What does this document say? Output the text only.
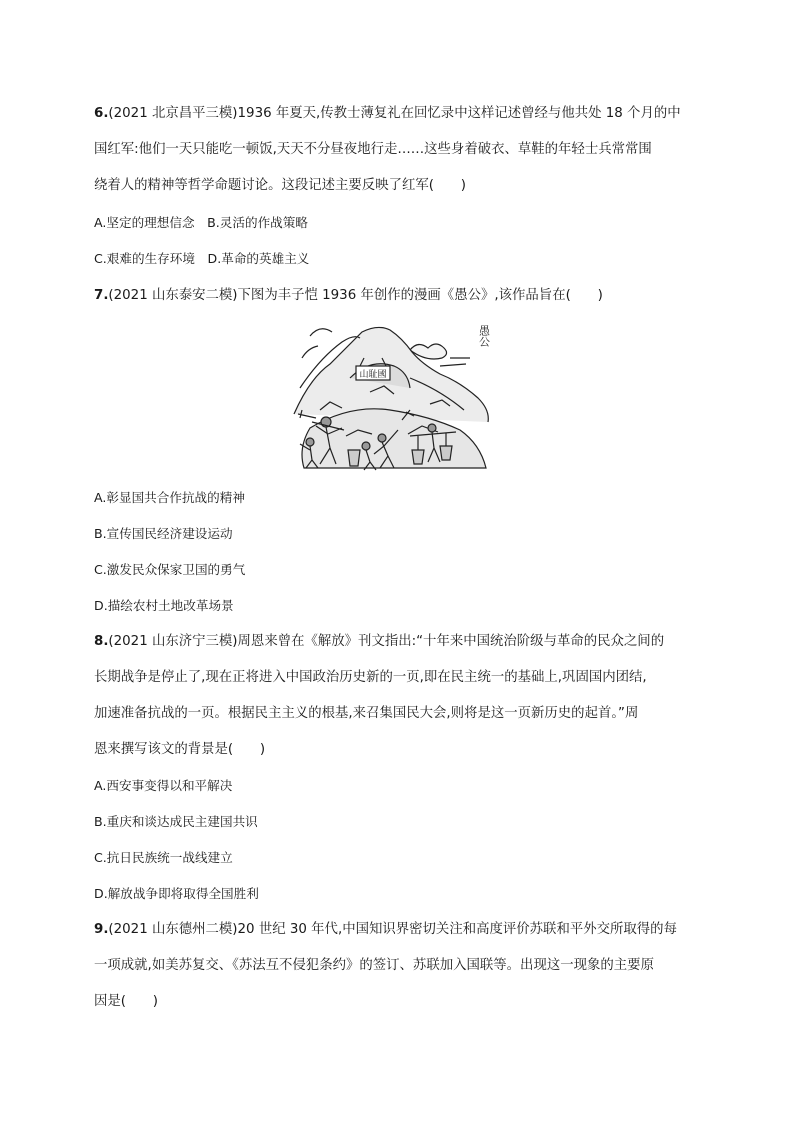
6.(2021 北京昌平三模)1936 年夏天,传教士薄复礼在回忆录中这样记述曾经与他共处 18 个月的中
国红军:他们一天只能吃一顿饭,天天不分昼夜地行走……这些身着破衣、草鞋的年轻士兵常常围
绕着人的精神等哲学命题讨论。这段记述主要反映了红军(　　)
A.坚定的理想信念　B.灵活的作战策略
C.艰难的生存环境　D.革命的英雄主义
7.(2021 山东泰安二模)下图为丰子恺 1936 年创作的漫画《愚公》,该作品旨在(　　)
山耻國
愚公
A.彰显国共合作抗战的精神
B.宣传国民经济建设运动
C.激发民众保家卫国的勇气
D.描绘农村土地改革场景
8.(2021 山东济宁三模)周恩来曾在《解放》刊文指出:“十年来中国统治阶级与革命的民众之间的
长期战争是停止了,现在正将进入中国政治历史新的一页,即在民主统一的基础上,巩固国内团结,
加速准备抗战的一页。根据民主主义的根基,来召集国民大会,则将是这一页新历史的起首。”周
恩来撰写该文的背景是(　　)
A.西安事变得以和平解决
B.重庆和谈达成民主建国共识
C.抗日民族统一战线建立
D.解放战争即将取得全国胜利
9.(2021 山东德州二模)20 世纪 30 年代,中国知识界密切关注和高度评价苏联和平外交所取得的每
一项成就,如美苏复交、《苏法互不侵犯条约》的签订、苏联加入国联等。出现这一现象的主要原
因是(　　)
